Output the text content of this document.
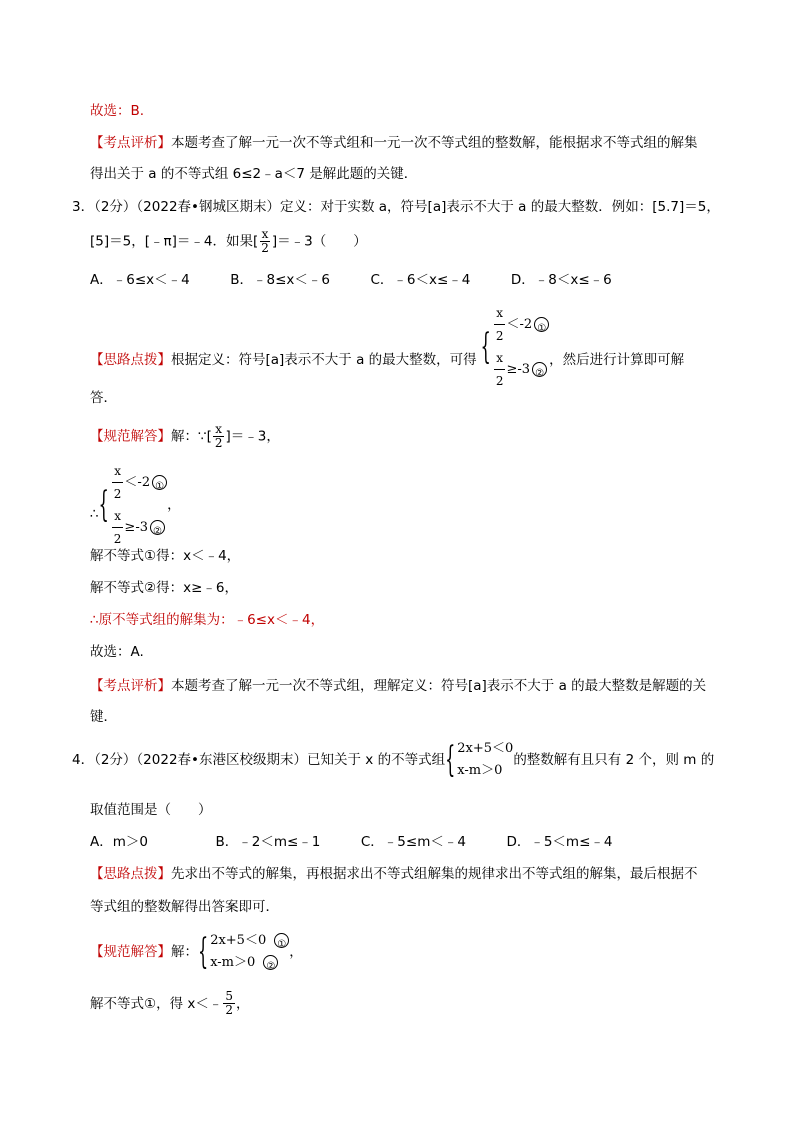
故选：B.
【考点评析】本题考查了解一元一次不等式组和一元一次不等式组的整数解，能根据求不等式组的解集
得出关于 a 的不等式组 6≤2﹣a＜7 是解此题的关键．
3．（2分）（2022春•钢城区期末）定义：对于实数 a，符号[a]表示不大于 a 的最大整数．例如：[5.7]＝5，
[5]＝5，[﹣π]＝﹣4．如果[ $\frac{x}{2}$ ]＝﹣3（　　）
A．﹣6≤x＜﹣4　　　B．﹣8≤x＜﹣6　　　C．﹣6＜x≤﹣4　　　D．﹣8＜x≤﹣6
【思路点拨】根据定义：符号[a]表示不大于 a 的最大整数，可得 { $\frac{x}{2} <-2$ ①
$\frac{x}{2} \ge-3$ ②
，然后进行计算即可解
答．
【规范解答】解：∵[ $\frac{x}{2}$ ]＝﹣3，
∴ { $\frac{x}{2} <-2$ ①
$\frac{x}{2} \ge-3$ ②
，
解不等式①得：x＜﹣4，
解不等式②得：x≥﹣6，
∴原不等式组的解集为：﹣6≤x＜﹣4，
故选：A.
【考点评析】本题考查了解一元一次不等式组，理解定义：符号[a]表示不大于 a 的最大整数是解题的关
键．
4．（2分）（2022春•东港区校级期末）已知关于 x 的不等式组 { 2x+5＜0
x-m＞0
的整数解有且只有 2 个，则 m 的
取值范围是（　　）
A．m＞0　　　　　B．﹣2＜m≤﹣1　　　C．﹣5≤m＜﹣4　　　D．﹣5＜m≤﹣4
【思路点拨】先求出不等式的解集，再根据求出不等式组解集的规律求出不等式组的解集，最后根据不
等式组的整数解得出答案即可．
【规范解答】 解： { 2x+5＜0 ①
x-m＞0 ②
，
解不等式①，得 x＜﹣ $\frac{5}{2}$ ，
